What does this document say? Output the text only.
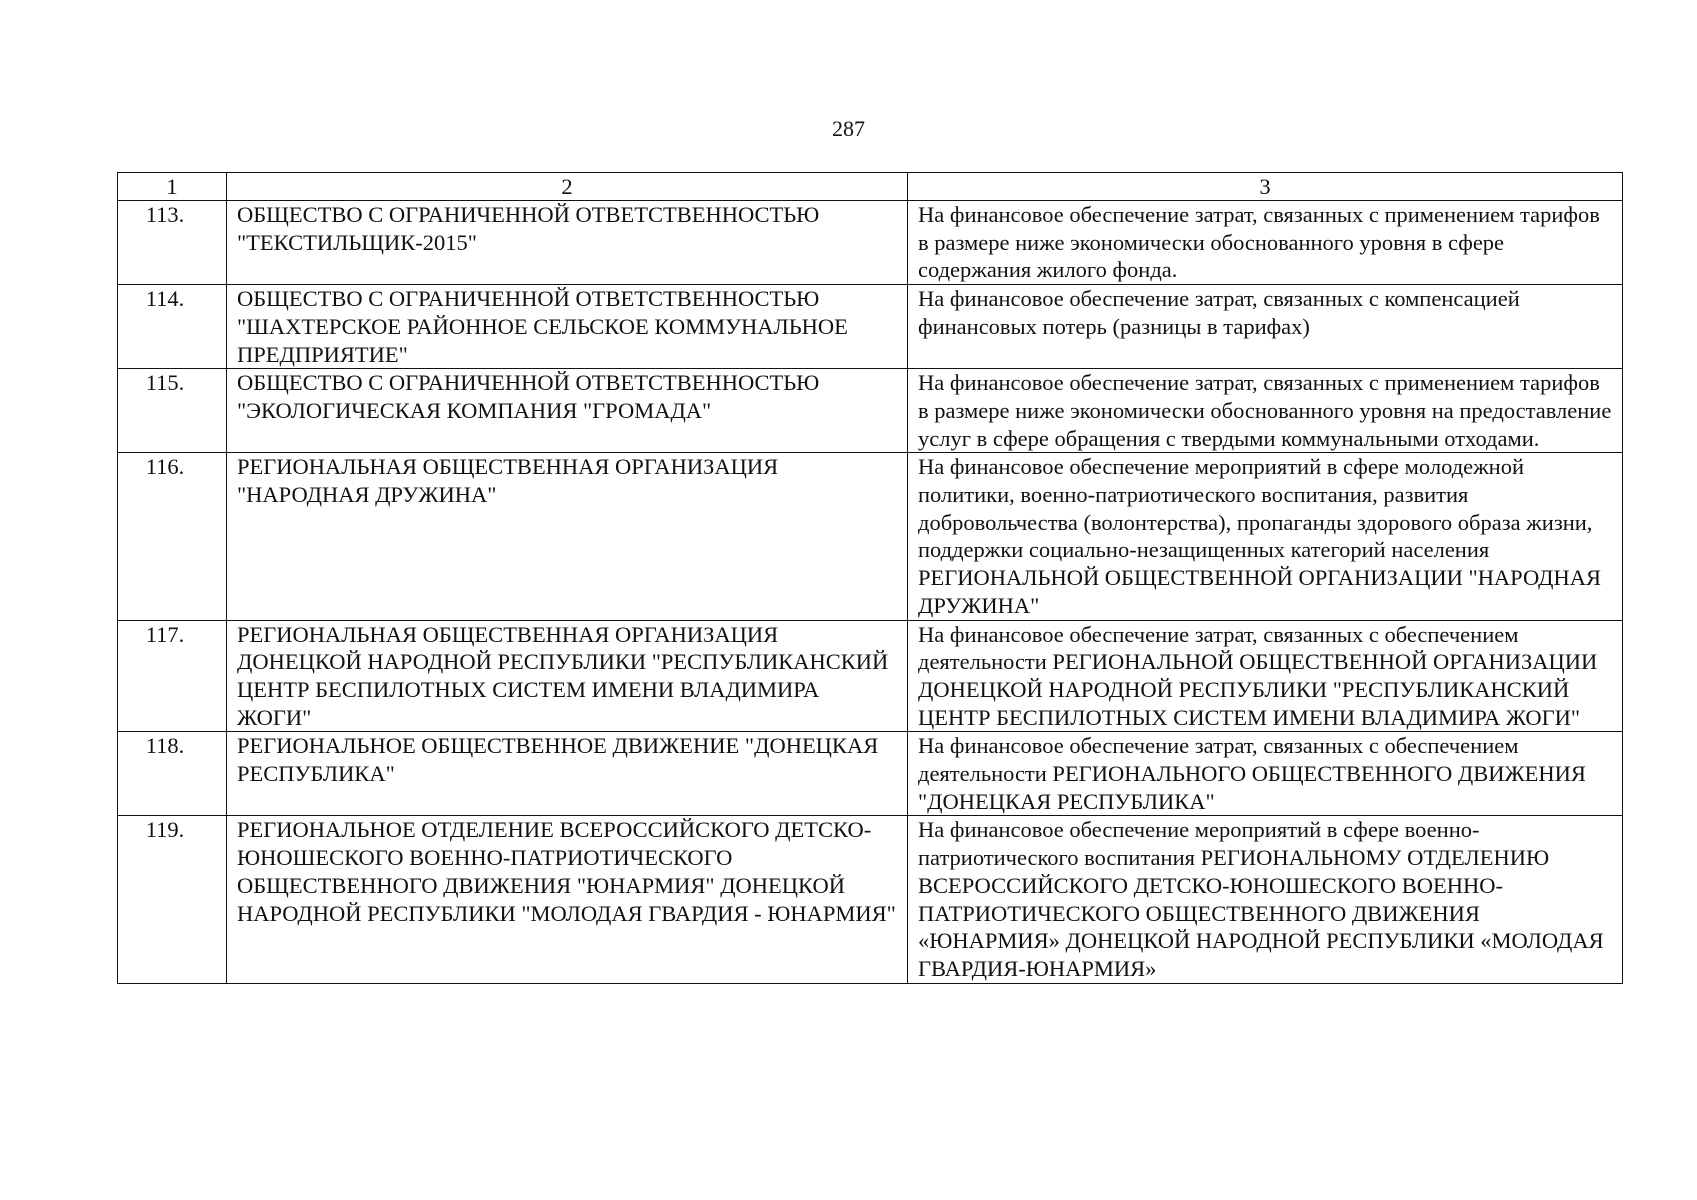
287
1	2	3
113.	ОБЩЕСТВО С ОГРАНИЧЕННОЙ ОТВЕТСТВЕННОСТЬЮ "ТЕКСТИЛЬЩИК-2015"	На финансовое обеспечение затрат, связанных с применением тарифов в размере ниже экономически обоснованного уровня в сфере содержания жилого фонда.
114.	ОБЩЕСТВО С ОГРАНИЧЕННОЙ ОТВЕТСТВЕННОСТЬЮ "ШАХТЕРСКОЕ РАЙОННОЕ СЕЛЬСКОЕ КОММУНАЛЬНОЕ ПРЕДПРИЯТИЕ"	На финансовое обеспечение затрат, связанных с компенсацией финансовых потерь (разницы в тарифах)
115.	ОБЩЕСТВО С ОГРАНИЧЕННОЙ ОТВЕТСТВЕННОСТЬЮ "ЭКОЛОГИЧЕСКАЯ КОМПАНИЯ "ГРОМАДА"	На финансовое обеспечение затрат, связанных с применением тарифов в размере ниже экономически обоснованного уровня на предоставление услуг в сфере обращения с твердыми коммунальными отходами.
116.	РЕГИОНАЛЬНАЯ ОБЩЕСТВЕННАЯ ОРГАНИЗАЦИЯ "НАРОДНАЯ ДРУЖИНА"	На финансовое обеспечение мероприятий в сфере молодежной политики, военно-патриотического воспитания, развития добровольчества (волонтерства), пропаганды здорового образа жизни, поддержки социально-незащищенных категорий населения РЕГИОНАЛЬНОЙ ОБЩЕСТВЕННОЙ ОРГАНИЗАЦИИ "НАРОДНАЯ ДРУЖИНА"
117.	РЕГИОНАЛЬНАЯ ОБЩЕСТВЕННАЯ ОРГАНИЗАЦИЯ ДОНЕЦКОЙ НАРОДНОЙ РЕСПУБЛИКИ "РЕСПУБЛИКАНСКИЙ ЦЕНТР БЕСПИЛОТНЫХ СИСТЕМ ИМЕНИ ВЛАДИМИРА ЖОГИ"	На финансовое обеспечение затрат, связанных с обеспечением деятельности РЕГИОНАЛЬНОЙ ОБЩЕСТВЕННОЙ ОРГАНИЗАЦИИ ДОНЕЦКОЙ НАРОДНОЙ РЕСПУБЛИКИ "РЕСПУБЛИКАНСКИЙ ЦЕНТР БЕСПИЛОТНЫХ СИСТЕМ ИМЕНИ ВЛАДИМИРА ЖОГИ"
118.	РЕГИОНАЛЬНОЕ ОБЩЕСТВЕННОЕ ДВИЖЕНИЕ "ДОНЕЦКАЯ РЕСПУБЛИКА"	На финансовое обеспечение затрат, связанных с обеспечением деятельности РЕГИОНАЛЬНОГО ОБЩЕСТВЕННОГО ДВИЖЕНИЯ "ДОНЕЦКАЯ РЕСПУБЛИКА"
119.	РЕГИОНАЛЬНОЕ ОТДЕЛЕНИЕ ВСЕРОССИЙСКОГО ДЕТСКО-ЮНОШЕСКОГО ВОЕННО-ПАТРИОТИЧЕСКОГО ОБЩЕСТВЕННОГО ДВИЖЕНИЯ "ЮНАРМИЯ" ДОНЕЦКОЙ НАРОДНОЙ РЕСПУБЛИКИ "МОЛОДАЯ ГВАРДИЯ - ЮНАРМИЯ"	На финансовое обеспечение мероприятий в сфере военно-патриотического воспитания РЕГИОНАЛЬНОМУ ОТДЕЛЕНИЮ ВСЕРОССИЙСКОГО ДЕТСКО-ЮНОШЕСКОГО ВОЕННО-ПАТРИОТИЧЕСКОГО ОБЩЕСТВЕННОГО ДВИЖЕНИЯ «ЮНАРМИЯ» ДОНЕЦКОЙ НАРОДНОЙ РЕСПУБЛИКИ «МОЛОДАЯ ГВАРДИЯ-ЮНАРМИЯ»
